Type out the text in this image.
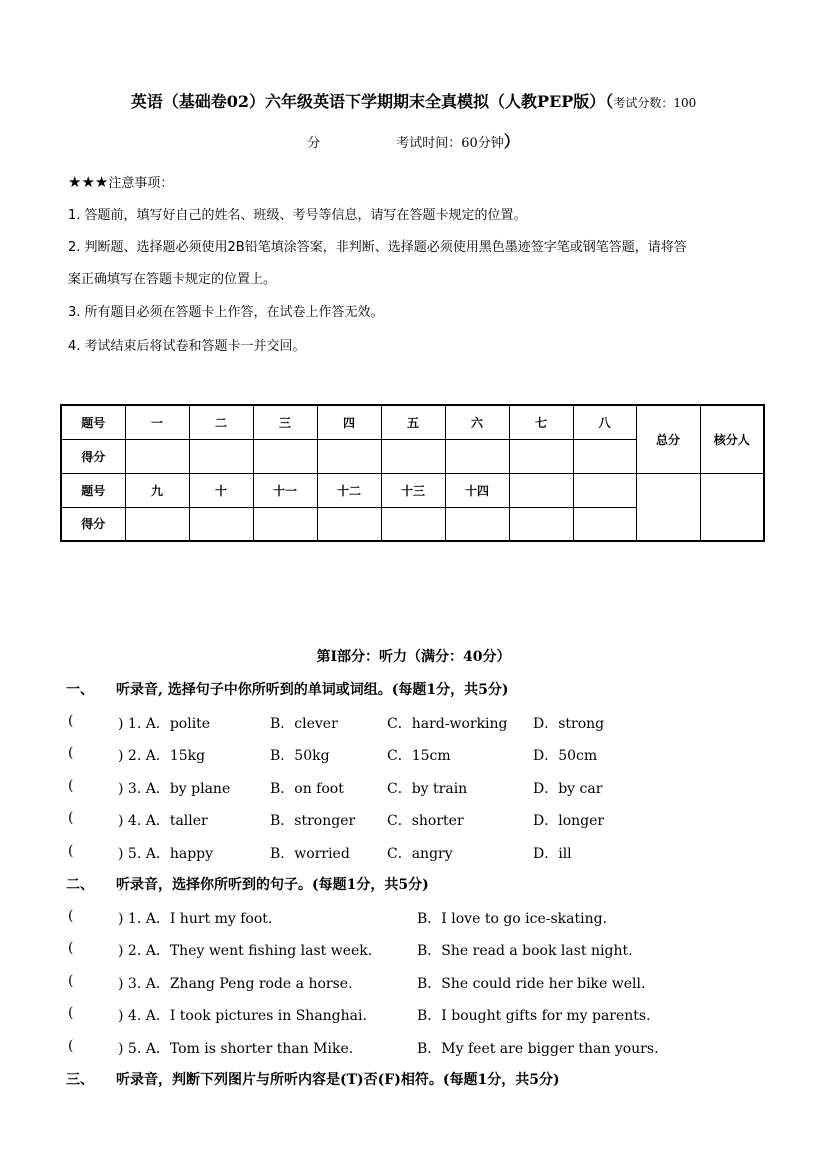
英语（基础卷02）六年级英语下学期期末全真模拟（人教PEP版）（考试分数：100
分	考试时间：60分钟）
★★★注意事项：
1. 答题前，填写好自己的姓名、班级、考号等信息，请写在答题卡规定的位置。
2. 判断题、选择题必须使用2B铅笔填涂答案，非判断、选择题必须使用黑色墨迹签字笔或钢笔答题，请将答
案正确填写在答题卡规定的位置上。
3. 所有题目必须在答题卡上作答，在试卷上作答无效。
4. 考试结束后将试卷和答题卡一并交回。
题号	一	二	三	四	五	六	七	八	总分	核分人
得分										
题号	九	十	十一	十二	十三	十四				
得分										
第Ⅰ部分：听力（满分：40分）
一、 听录音, 选择句子中你所听到的单词或词组。(每题1分，共5分)
(	) 1. A．polite	B．clever	C．hard-working D．strong
(	) 2. A．15kg	B．50kg	C．15cm	D．50cm
(	) 3. A．by plane	B．on foot	C．by train	D．by car
(	) 4. A．taller	B．stronger C．shorter	D．longer
(	) 5. A．happy	B．worried	C．angry	D．ill
二、 听录音，选择你所听到的句子。(每题1分，共5分)
(	) 1. A．I hurt my foot.	B．I love to go ice-skating.
(	) 2. A．They went fishing last week.	B．She read a book last night.
(	) 3. A．Zhang Peng rode a horse.	B．She could ride her bike well.
(	) 4. A．I took pictures in Shanghai.	B．I bought gifts for my parents.
(	) 5. A．Tom is shorter than Mike.	B．My feet are bigger than yours.
三、 听录音，判断下列图片与所听内容是(T)否(F)相符。(每题1分，共5分)
